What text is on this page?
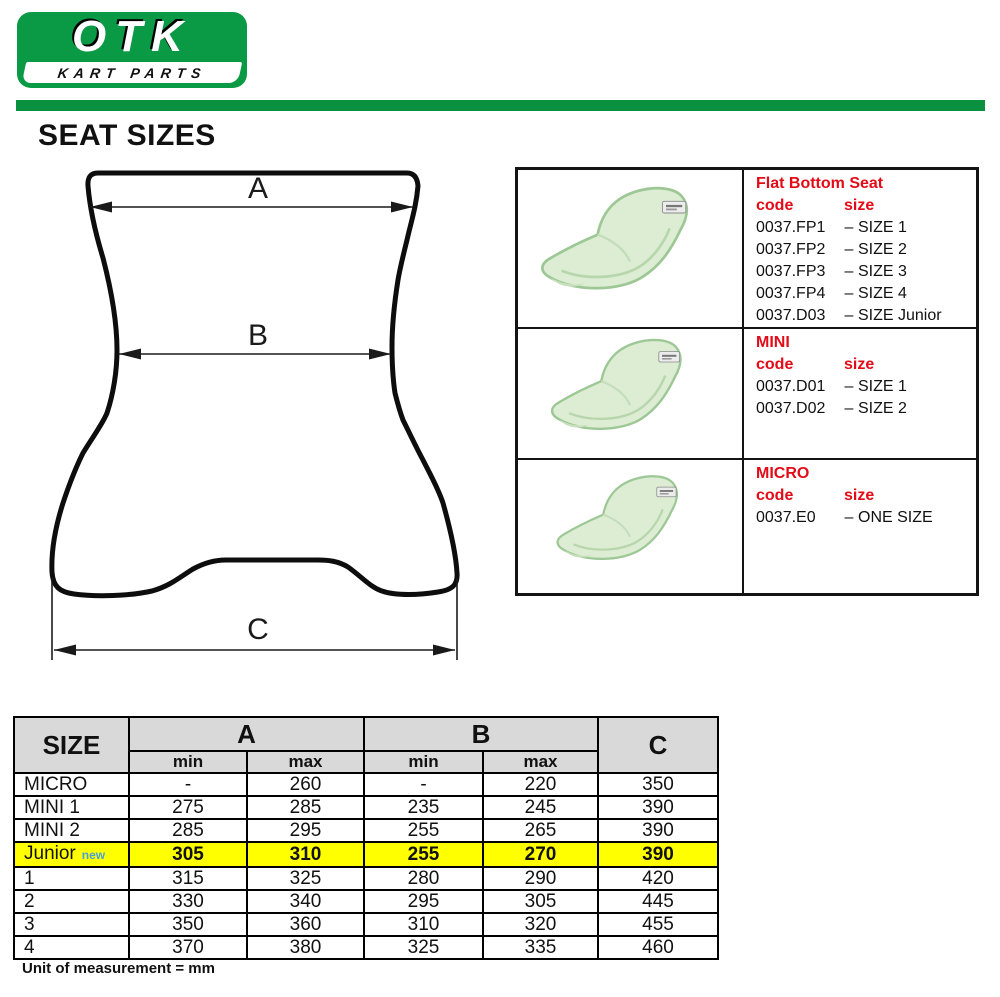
OTK
KART PARTS
SEAT SIZES
A
B
C
Flat Bottom Seat
code	size
0037.FP1 – SIZE 1
0037.FP2 – SIZE 2
0037.FP3 – SIZE 3
0037.FP4 – SIZE 4
0037.D03 – SIZE Junior
MINI
code	size
0037.D01 – SIZE 1
0037.D02 – SIZE 2
MICRO
code	size
0037.E0 – ONE SIZE
SIZE	A		B		C
	min	max	min	max	
MICRO	-	260	-	220	350
MINI 1	275	285	235	245	390
MINI 2	285	295	255	265	390
Junior new	305	310	255	270	390
1	315	325	280	290	420
2	330	340	295	305	445
3	350	360	310	320	455
4	370	380	325	335	460
Unit of measurement = mm
